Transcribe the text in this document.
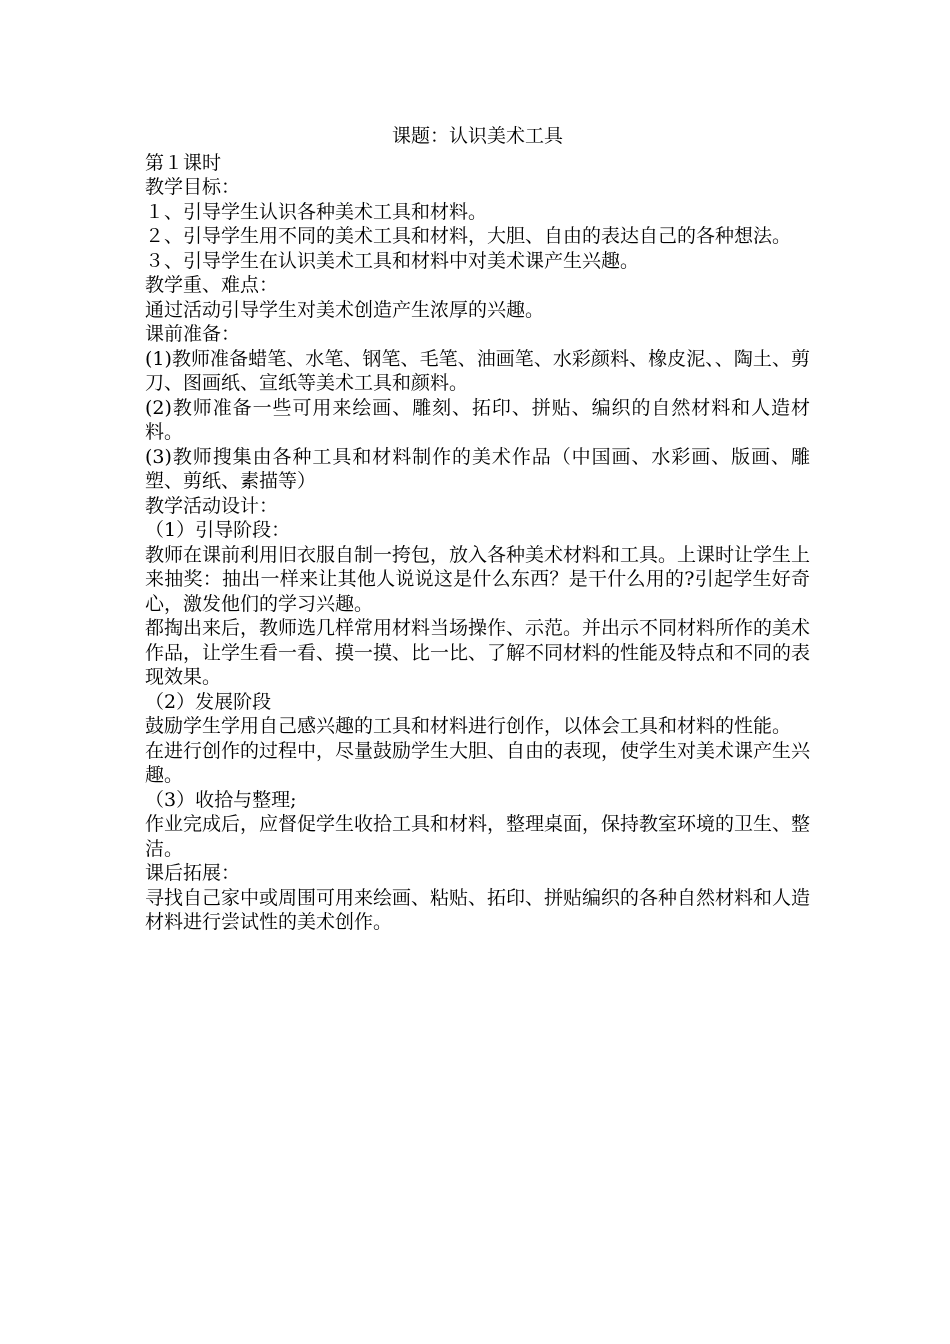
课题：认识美术工具

第１课时

教学目标：

１、引导学生认识各种美术工具和材料。

２、引导学生用不同的美术工具和材料，大胆、自由的表达自己的各种想法。

３、引导学生在认识美术工具和材料中对美术课产生兴趣。

教学重、难点：

通过活动引导学生对美术创造产生浓厚的兴趣。

课前准备：

(1)教师准备蜡笔、水笔、钢笔、毛笔、油画笔、水彩颜料、橡皮泥、、陶土、剪刀、图画纸、宣纸等美术工具和颜料。

(2)教师准备一些可用来绘画、雕刻、拓印、拼贴、编织的自然材料和人造材料。

(3)教师搜集由各种工具和材料制作的美术作品（中国画、水彩画、版画、雕塑、剪纸、素描等）

教学活动设计：

（1）引导阶段：

教师在课前利用旧衣服自制一挎包，放入各种美术材料和工具。上课时让学生上来抽奖：抽出一样来让其他人说说这是什么东西？是干什么用的?引起学生好奇心，激发他们的学习兴趣。

都掏出来后，教师选几样常用材料当场操作、示范。并出示不同材料所作的美术作品，让学生看一看、摸一摸、比一比、了解不同材料的性能及特点和不同的表现效果。

（2）发展阶段

鼓励学生学用自己感兴趣的工具和材料进行创作，以体会工具和材料的性能。

在进行创作的过程中，尽量鼓励学生大胆、自由的表现，使学生对美术课产生兴趣。

（3）收拾与整理;

作业完成后，应督促学生收拾工具和材料，整理桌面，保持教室环境的卫生、整洁。

课后拓展：

寻找自己家中或周围可用来绘画、粘贴、拓印、拼贴编织的各种自然材料和人造材料进行尝试性的美术创作。
